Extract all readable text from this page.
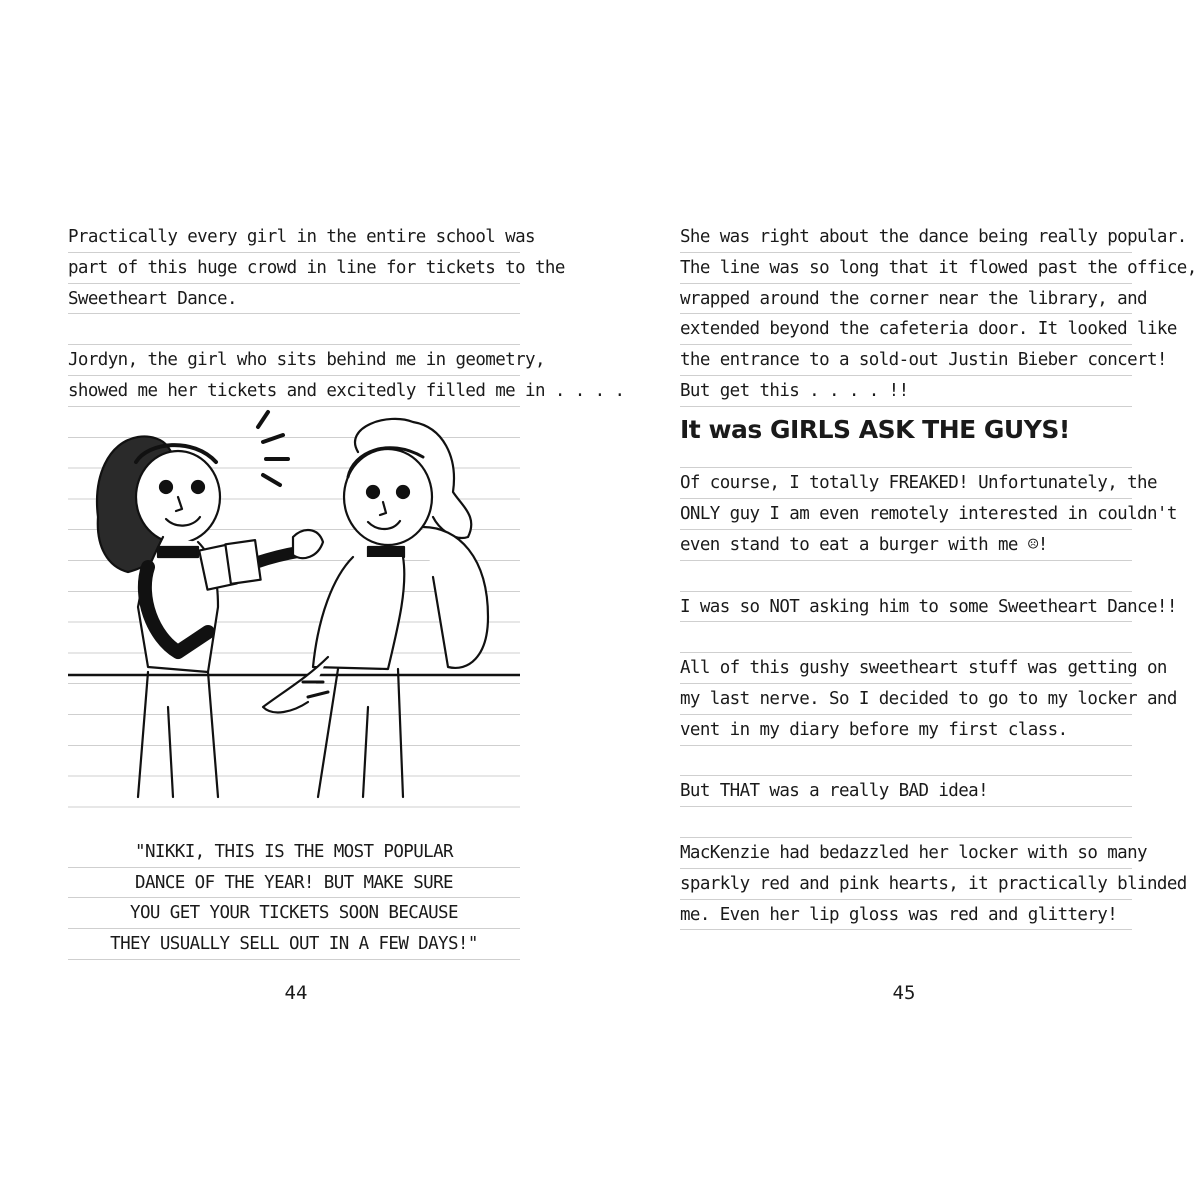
Practically every girl in the entire school was
part of this huge crowd in line for tickets to the
Sweetheart Dance.
Jordyn, the girl who sits behind me in geometry,
showed me her tickets and excitedly filled me in . . . .
"NIKKI, THIS IS THE MOST POPULAR
DANCE OF THE YEAR! BUT MAKE SURE
YOU GET YOUR TICKETS SOON BECAUSE
THEY USUALLY SELL OUT IN A FEW DAYS!"
44
She was right about the dance being really popular.
The line was so long that it flowed past the office,
wrapped around the corner near the library, and
extended beyond the cafeteria door. It looked like
the entrance to a sold-out Justin Bieber concert!
But get this . . . . !!
It was GIRLS ASK THE GUYS!
Of course, I totally FREAKED! Unfortunately, the
ONLY guy I am even remotely interested in couldn't
even stand to eat a burger with me ☹!
I was so NOT asking him to some Sweetheart Dance!!
All of this gushy sweetheart stuff was getting on
my last nerve. So I decided to go to my locker and
vent in my diary before my first class.
But THAT was a really BAD idea!
MacKenzie had bedazzled her locker with so many
sparkly red and pink hearts, it practically blinded
me. Even her lip gloss was red and glittery!
45
